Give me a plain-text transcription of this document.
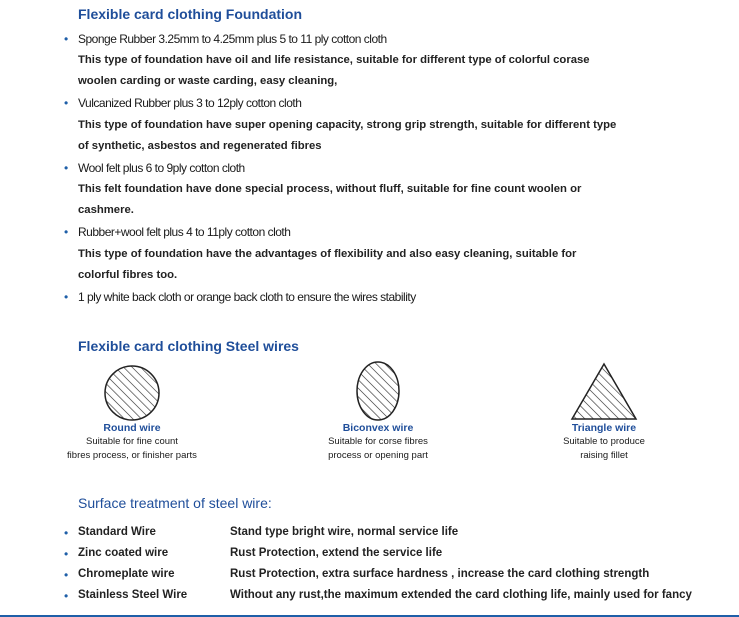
Flexible card clothing Foundation
• Sponge Rubber 3.25mm to 4.25mm plus 5 to 11 ply cotton cloth
This type of foundation have oil and life resistance, suitable for different type of colorful corase woolen carding or waste carding, easy cleaning,
• Vulcanized Rubber plus 3 to 12ply cotton cloth
This type of foundation have super opening capacity, strong grip strength, suitable for different type of synthetic, asbestos and regenerated fibres
• Wool felt plus 6 to 9ply cotton cloth
This felt foundation have done special process, without fluff, suitable for fine count woolen or cashmere.
• Rubber+wool felt plus 4 to 11ply cotton cloth
This type of foundation have the advantages of flexibility and also easy cleaning, suitable for colorful fibres too.
• 1 ply white back cloth or orange back cloth to ensure the wires stability
Flexible card clothing Steel wires
Round wire
Suitable for fine count
fibres process, or finisher parts
Biconvex wire
Suitable for corse fibres
process or opening part
Triangle wire
Suitable to produce
raising fillet
Surface treatment of steel wire:
• Standard Wire	Stand type bright wire, normal service life
• Zinc coated wire	Rust Protection, extend the service life
• Chromeplate wire	Rust Protection, extra surface hardness , increase the card clothing strength
• Stainless Steel Wire	Without any rust,the maximum extended the card clothing life, mainly used for fancy
